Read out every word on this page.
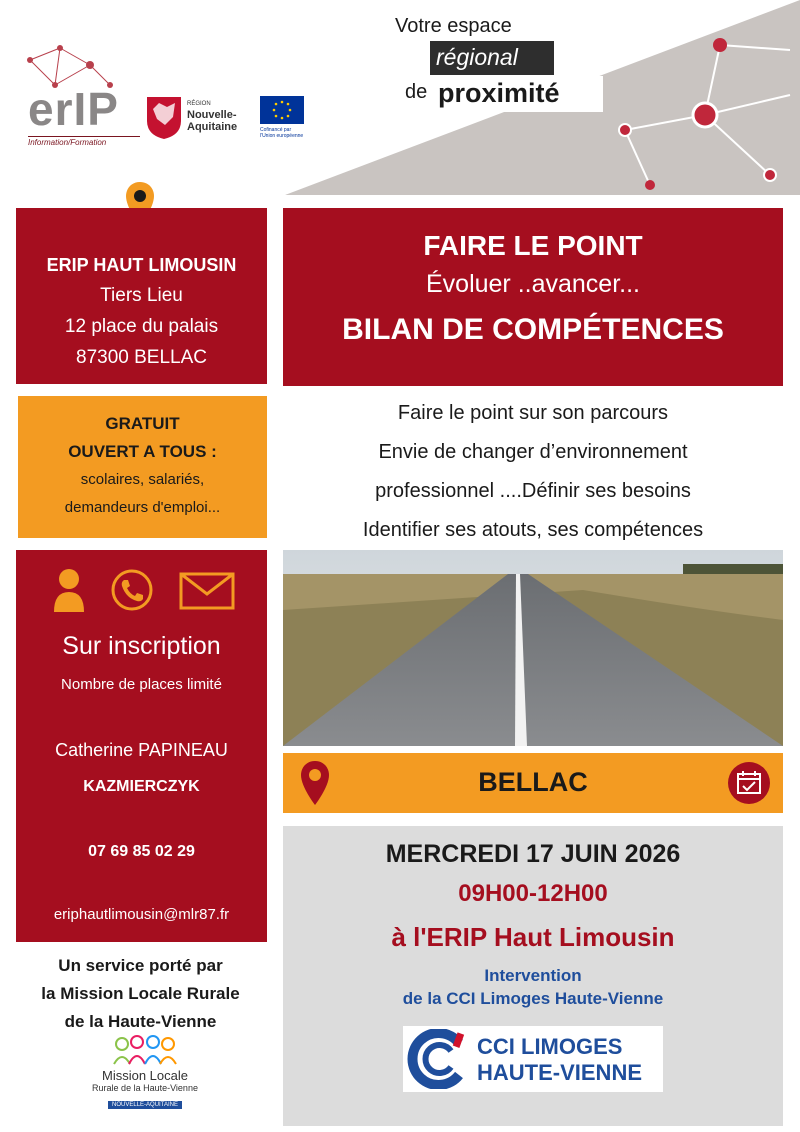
erIP
Information/Formation
RÉGION
Nouvelle-
Aquitaine	Cofinancé par
l'Union européenne
Votre espace
régional
de proximité
ERIP HAUT LIMOUSIN
Tiers Lieu
12 place du palais
87300 BELLAC
GRATUIT
OUVERT A TOUS :
scolaires, salariés,
demandeurs d'emploi...
Sur inscription
Nombre de places limité
Catherine PAPINEAU
KAZMIERCZYK
07 69 85 02 29
eriphautlimousin@mlr87.fr
Un service porté par
la Mission Locale Rurale
de la Haute-Vienne
Mission Locale
Rurale de la Haute-Vienne
NOUVELLE-AQUITAINE
FAIRE LE POINT
Évoluer ..avancer...
BILAN DE COMPÉTENCES
Faire le point sur son parcours
Envie de changer d’environnement
professionnel ....Définir ses besoins
Identifier ses atouts, ses compétences
BELLAC
MERCREDI 17 JUIN 2026
09H00-12H00
à l'ERIP Haut Limousin
Intervention
de la CCI Limoges Haute-Vienne
CCI LIMOGES
HAUTE-VIENNE
